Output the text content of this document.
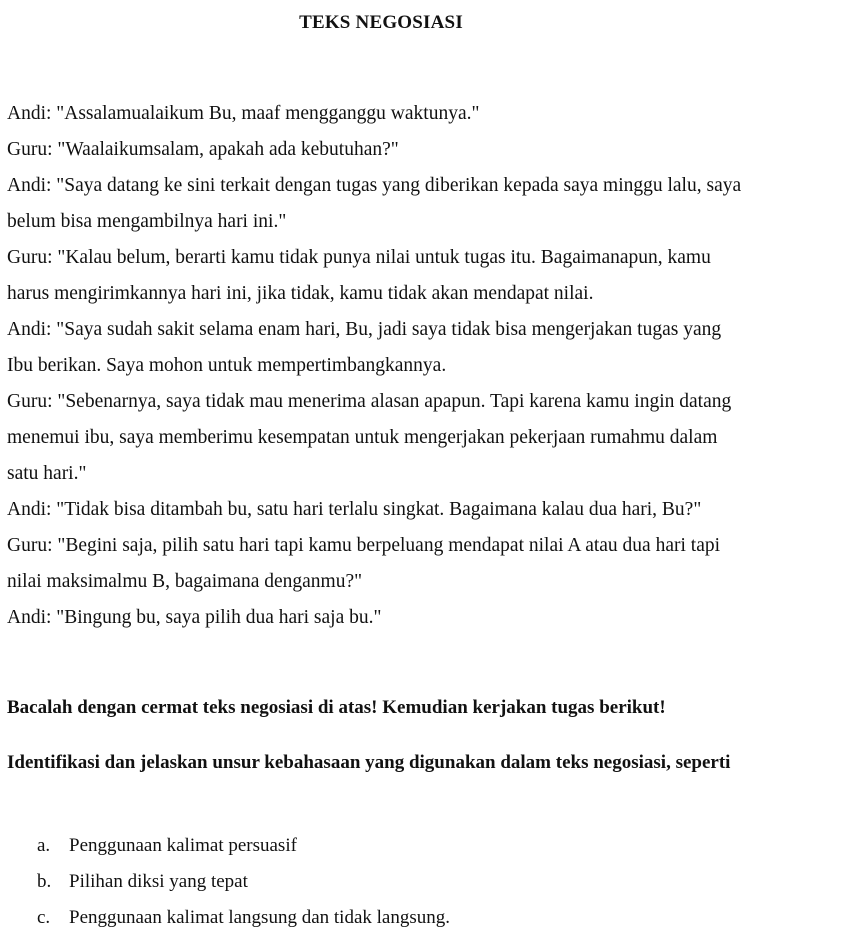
TEKS NEGOSIASI
Andi: "Assalamualaikum Bu, maaf mengganggu waktunya."
Guru: "Waalaikumsalam, apakah ada kebutuhan?"
Andi: "Saya datang ke sini terkait dengan tugas yang diberikan kepada saya minggu lalu, saya
belum bisa mengambilnya hari ini."
Guru: "Kalau belum, berarti kamu tidak punya nilai untuk tugas itu. Bagaimanapun, kamu
harus mengirimkannya hari ini, jika tidak, kamu tidak akan mendapat nilai.
Andi: "Saya sudah sakit selama enam hari, Bu, jadi saya tidak bisa mengerjakan tugas yang
Ibu berikan. Saya mohon untuk mempertimbangkannya.
Guru: "Sebenarnya, saya tidak mau menerima alasan apapun. Tapi karena kamu ingin datang
menemui ibu, saya memberimu kesempatan untuk mengerjakan pekerjaan rumahmu dalam
satu hari."
Andi: "Tidak bisa ditambah bu, satu hari terlalu singkat. Bagaimana kalau dua hari, Bu?"
Guru: "Begini saja, pilih satu hari tapi kamu berpeluang mendapat nilai A atau dua hari tapi
nilai maksimalmu B, bagaimana denganmu?"
Andi: "Bingung bu, saya pilih dua hari saja bu."
Bacalah dengan cermat teks negosiasi di atas! Kemudian kerjakan tugas berikut!
Identifikasi dan jelaskan unsur kebahasaan yang digunakan dalam teks negosiasi, seperti
a. Penggunaan kalimat persuasif
b. Pilihan diksi yang tepat
c. Penggunaan kalimat langsung dan tidak langsung.
